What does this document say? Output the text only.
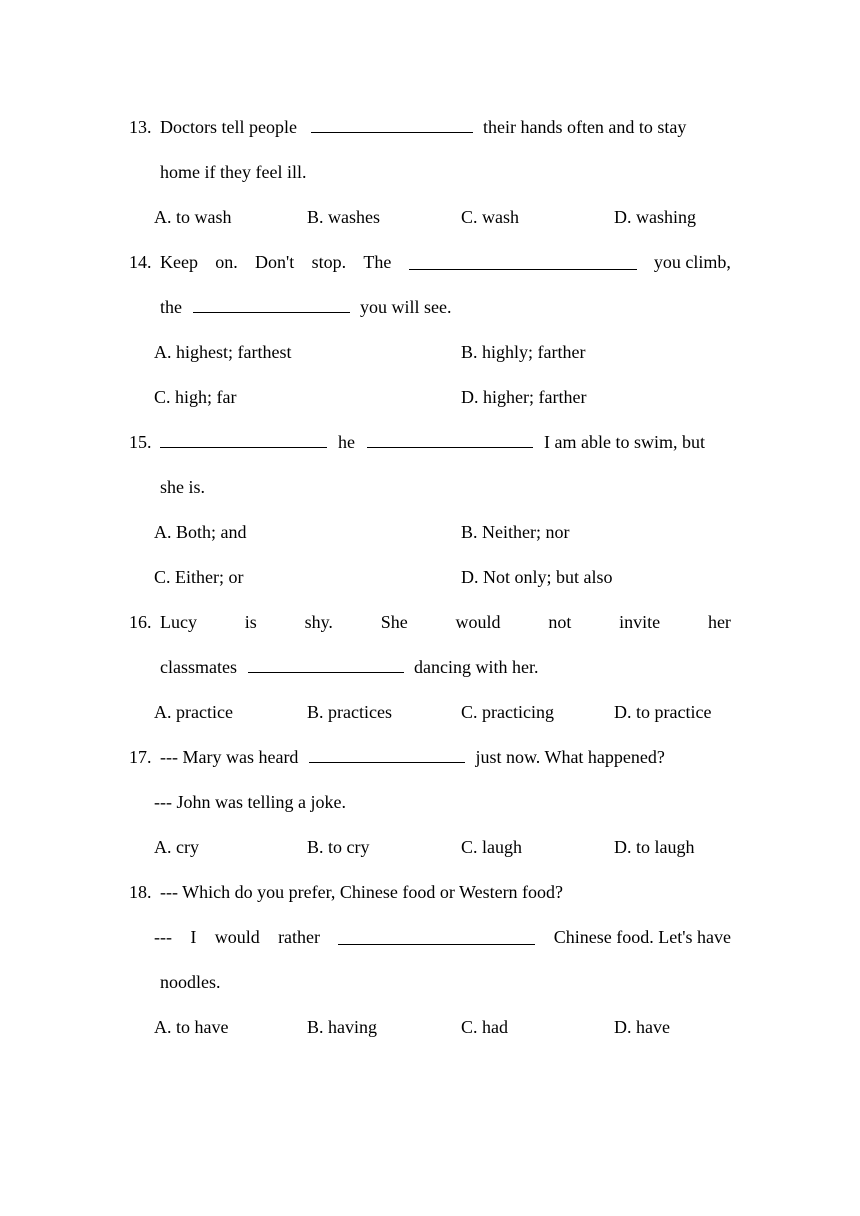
13. Doctors tell people	their hands often and to stay
home if they feel ill.
A. to wash	B. washes	C. wash	D. washing
14. Keep on. Don't stop. The	you climb,
the	you will see.
A. highest; farthest	B. highly; farther
C. high; far	D. higher; farther
15.	he	I am able to swim, but
she is.
A. Both; and	B. Neither; nor
C. Either; or	D. Not only; but also
16. Lucy	is	shy.	She	would	not	invite	her
classmates	dancing with her.
A. practice	B. practices	C. practicing	D. to practice
17. --- Mary was heard	just now. What happened?
--- John was telling a joke.
A. cry	B. to cry	C. laugh	D. to laugh
18. --- Which do you prefer, Chinese food or Western food?
--- I would rather	Chinese food. Let's have
noodles.
A. to have	B. having	C. had	D. have
